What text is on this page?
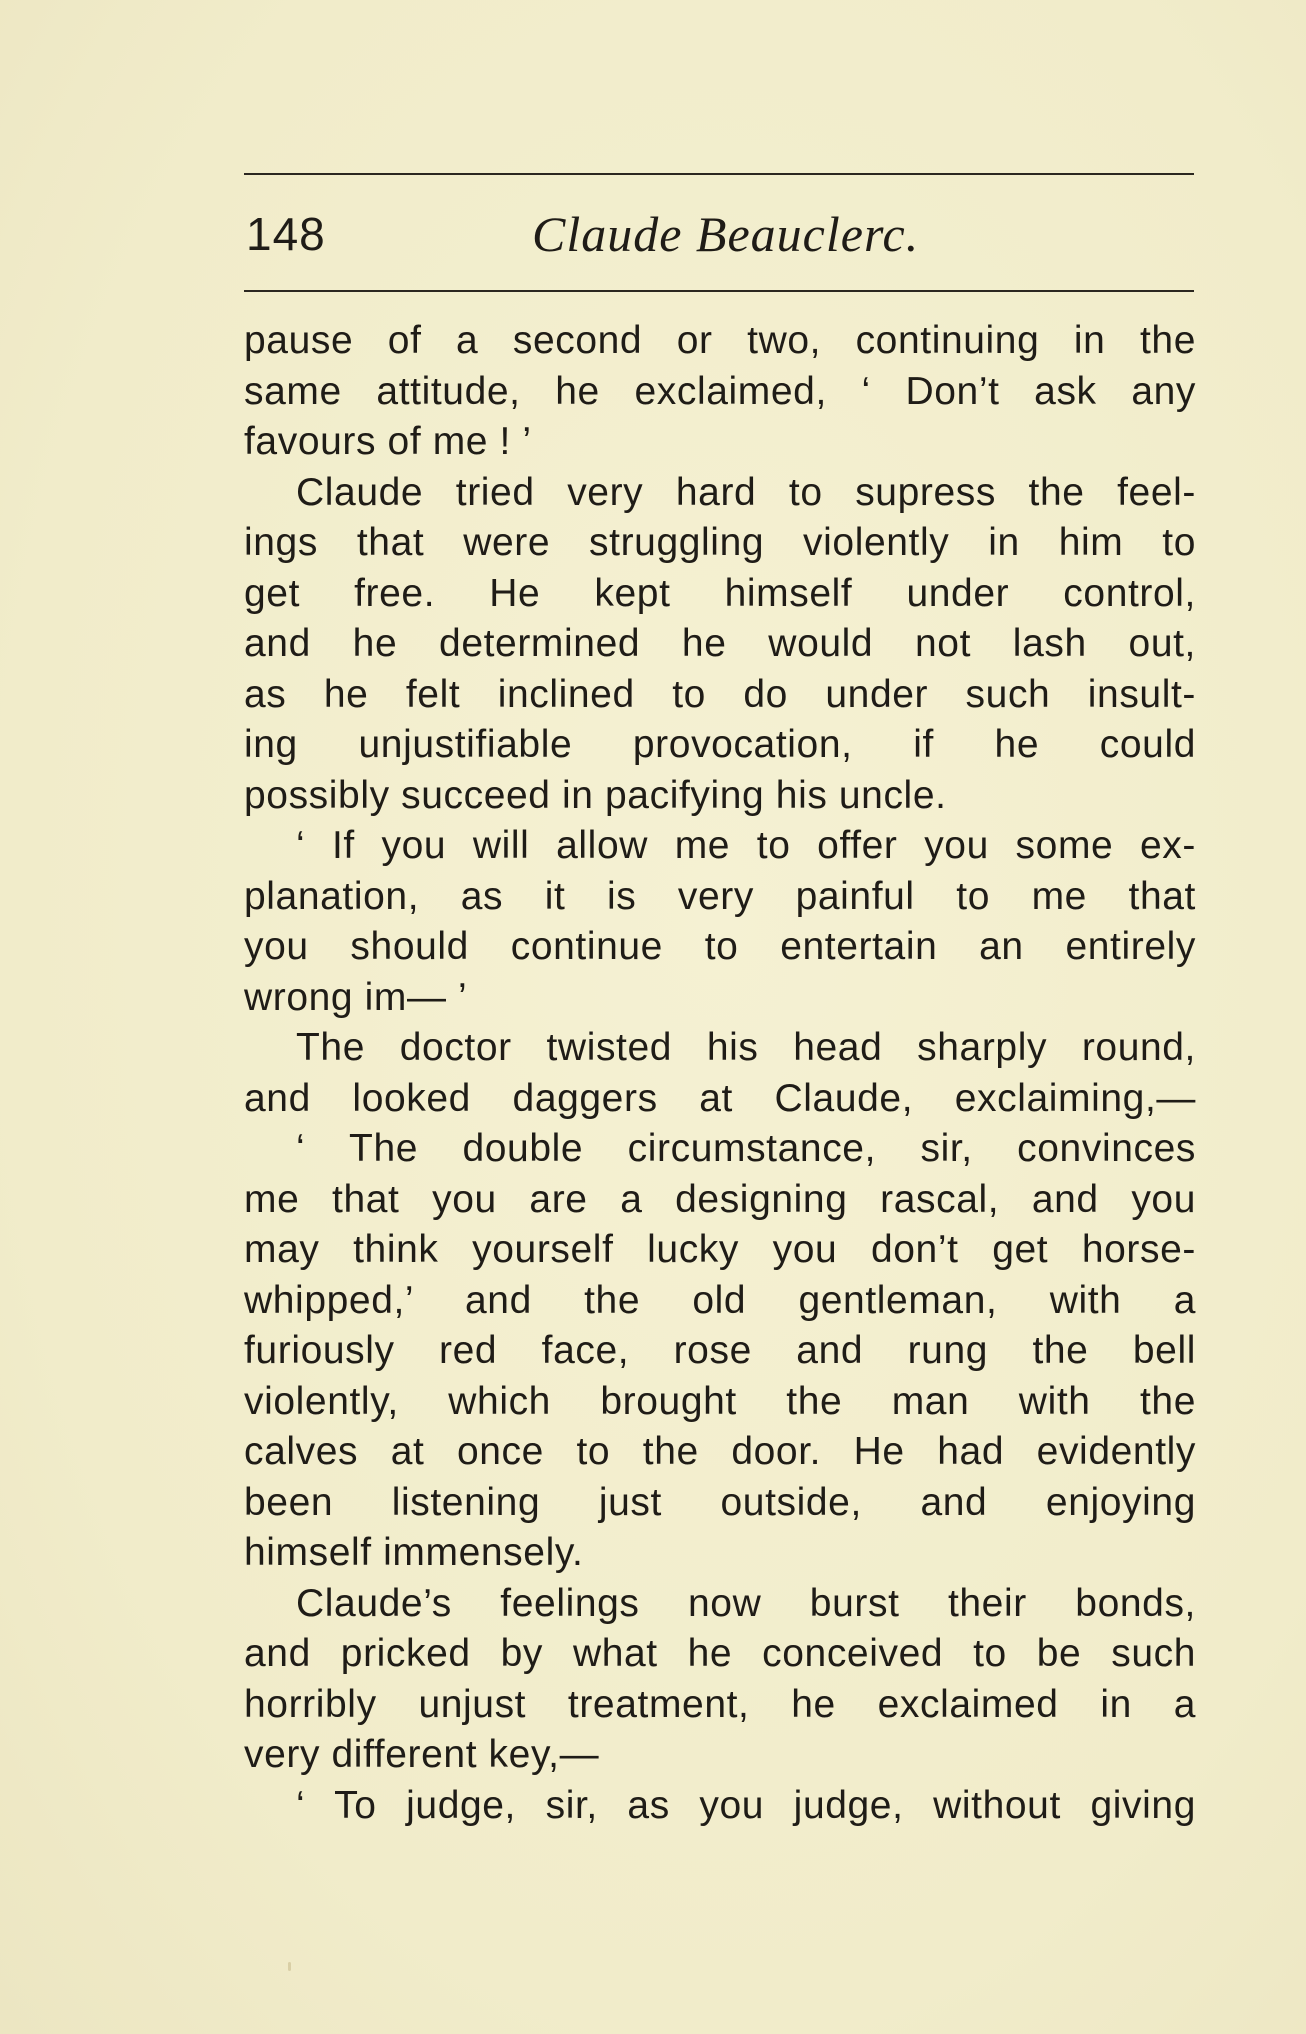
148	Claude Beauclerc.
pause of a second or two, continuing in the
same attitude, he exclaimed, ‘ Don’t ask any
favours of me ! ’
Claude tried very hard to supress the feel-
ings that were struggling violently in him to
get free. He kept himself under control,
and he determined he would not lash out,
as he felt inclined to do under such insult-
ing unjustifiable provocation, if he could
possibly succeed in pacifying his uncle.
‘ If you will allow me to offer you some ex-
planation, as it is very painful to me that
you should continue to entertain an entirely
wrong im— ’
The doctor twisted his head sharply round,
and looked daggers at Claude, exclaiming,—
‘ The double circumstance, sir, convinces
me that you are a designing rascal, and you
may think yourself lucky you don’t get horse-
whipped,’ and the old gentleman, with a
furiously red face, rose and rung the bell
violently, which brought the man with the
calves at once to the door. He had evidently
been listening just outside, and enjoying
himself immensely.
Claude’s feelings now burst their bonds,
and pricked by what he conceived to be such
horribly unjust treatment, he exclaimed in a
very different key,—
‘ To judge, sir, as you judge, without giving
